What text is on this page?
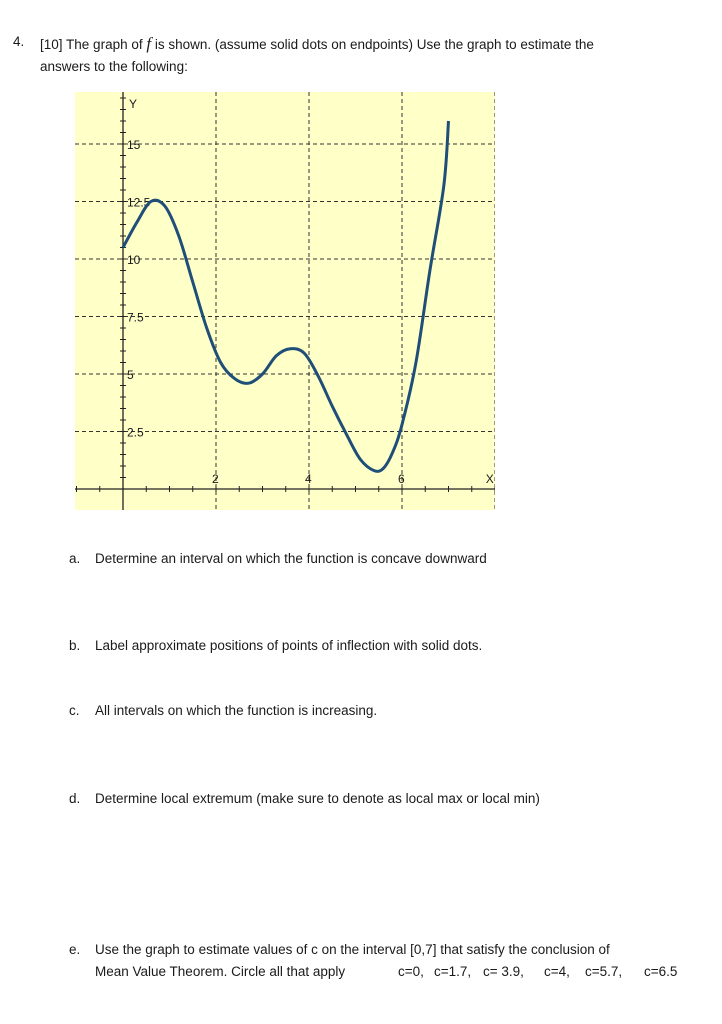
4. [10] The graph of f is shown. (assume solid dots on endpoints) Use the graph to estimate the
answers to the following:
2	4	6
15
12.5
10
7.5
5
2.5
Y
X
a. Determine an interval on which the function is concave downward
b. Label approximate positions of points of inflection with solid dots.
c. All intervals on which the function is increasing.
d. Determine local extremum (make sure to denote as local max or local min)
e. Use the graph to estimate values of c on the interval [0,7] that satisfy the conclusion of
Mean Value Theorem. Circle all that apply	c=0, c=1.7, c= 3.9, c=4, c=5.7, c=6.5
